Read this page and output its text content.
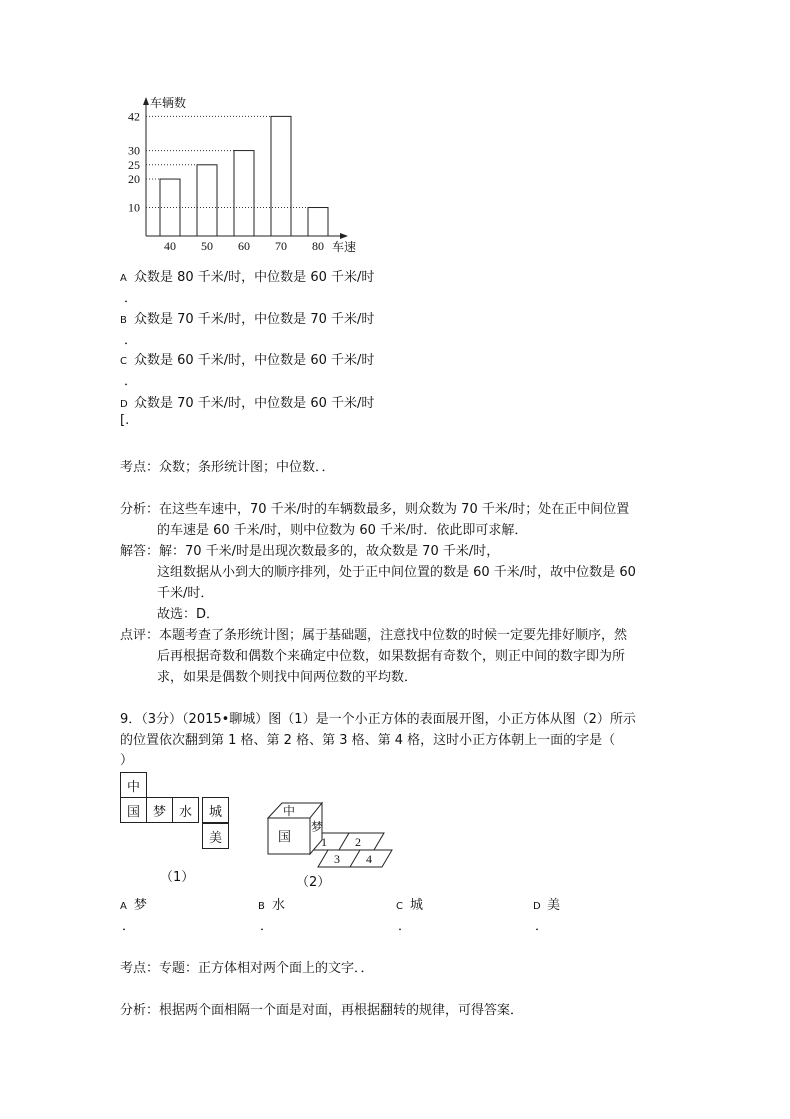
车辆数
车速
40 50 60 70 80
10
20
25
30
42
A 众数是 80 千米/时，中位数是 60 千米/时
．
B 众数是 70 千米/时，中位数是 70 千米/时
．
C 众数是 60 千米/时，中位数是 60 千米/时
．
D 众数是 70 千米/时，中位数是 60 千米/时
[.
考点：众数；条形统计图；中位数．．
分析：在这些车速中，70 千米/时的车辆数最多，则众数为 70 千米/时；处在正中间位置
的车速是 60 千米/时，则中位数为 60 千米/时．依此即可求解．
解答：解：70 千米/时是出现次数最多的，故众数是 70 千米/时，
这组数据从小到大的顺序排列，处于正中间位置的数是 60 千米/时，故中位数是 60
千米/时．
故选：D．
点评：本题考查了条形统计图；属于基础题，注意找中位数的时候一定要先排好顺序，然
后再根据奇数和偶数个来确定中位数，如果数据有奇数个，则正中间的数字即为所
求，如果是偶数个则找中间两位数的平均数．
9．（3分）（2015•聊城）图（1）是一个小正方体的表面展开图，小正方体从图（2）所示
的位置依次翻到第 1 格、第 2 格、第 3 格、第 4 格，这时小正方体朝上一面的字是（
）
中
国 梦 水	城
美
（1）
中
国
梦
1 2
3 4
（2）
A 梦	B 水	C 城	D 美
．	．	．	．
考点：专题：正方体相对两个面上的文字．．
分析：根据两个面相隔一个面是对面，再根据翻转的规律，可得答案．
